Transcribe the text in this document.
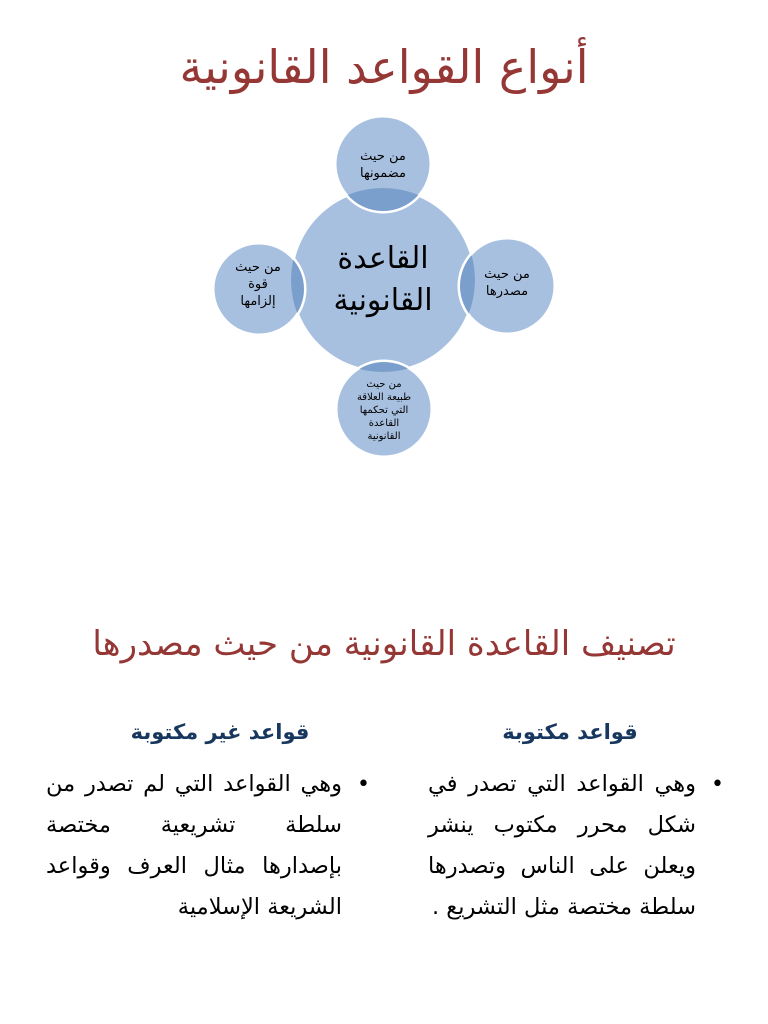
أنواع القواعد القانونية
القاعدة
القانونية
من حيث
مضمونها
من حيث
مصدرها
من حيث
قوة
إلزامها
من حيث
طبيعة العلاقة
التي تحكمها
القاعدة
القانونية
تصنيف القاعدة القانونية من حيث مصدرها
قواعد مكتوبة
قواعد غير مكتوبة
•
وهي القواعد التي تصدر في شكل محرر مكتوب ينشر ويعلن على الناس وتصدرها سلطة مختصة مثل التشريع .
•
وهي القواعد التي لم تصدر من سلطة تشريعية مختصة بإصدارها مثال العرف وقواعد الشريعة الإسلامية
